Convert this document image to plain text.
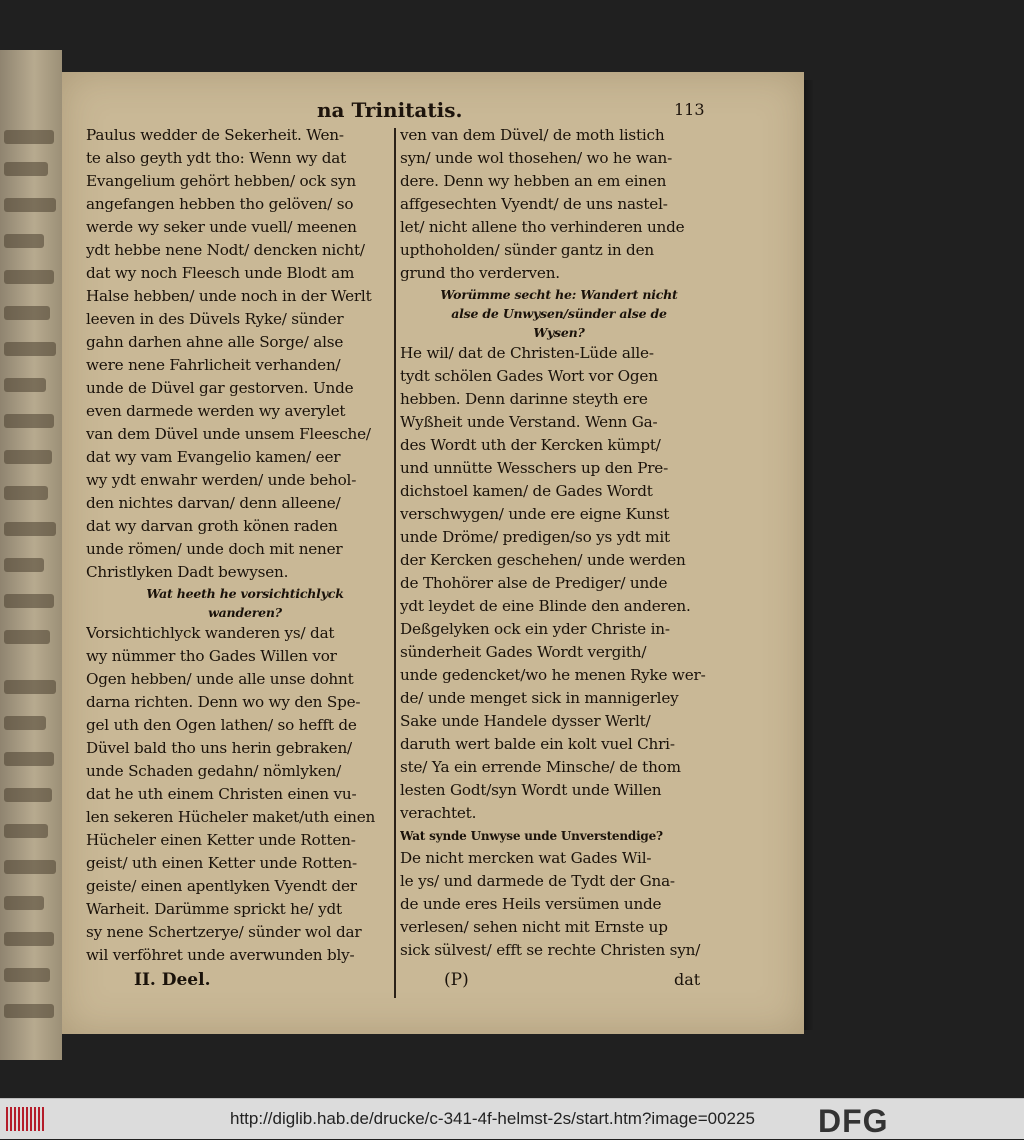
na Trinitatis.	113
Paulus wedder de Sekerheit. Wen-
te also geyth ydt tho: Wenn wy dat
Evangelium gehört hebben/ ock syn
angefangen hebben tho gelöven/ so
werde wy seker unde vuell/ meenen
ydt hebbe nene Nodt/ dencken nicht/
dat wy noch Fleesch unde Blodt am
Halse hebben/ unde noch in der Werlt
leeven in des Düvels Ryke/ sünder
gahn darhen ahne alle Sorge/ alse
were nene Fahrlicheit verhanden/
unde de Düvel gar gestorven. Unde
even darmede werden wy averylet
van dem Düvel unde unsem Fleesche/
dat wy vam Evangelio kamen/ eer
wy ydt enwahr werden/ unde behol-
den nichtes darvan/ denn alleene/
dat wy darvan groth könen raden
unde römen/ unde doch mit nener
Christlyken Dadt bewysen.
Wat heeth he vorsichtichlyck
wanderen?
Vorsichtichlyck wanderen ys/ dat
wy nümmer tho Gades Willen vor
Ogen hebben/ unde alle unse dohnt
darna richten. Denn wo wy den Spe-
gel uth den Ogen lathen/ so hefft de
Düvel bald tho uns herin gebraken/
unde Schaden gedahn/ nömlyken/
dat he uth einem Christen einen vu-
len sekeren Hücheler maket/uth einen
Hücheler einen Ketter unde Rotten-
geist/ uth einen Ketter unde Rotten-
geiste/ einen apentlyken Vyendt der
Warheit. Darümme sprickt he/ ydt
sy nene Schertzerye/ sünder wol dar
wil verföhret unde averwunden bly-
ven van dem Düvel/ de moth listich
syn/ unde wol thosehen/ wo he wan-
dere. Denn wy hebben an em einen
affgesechten Vyendt/ de uns nastel-
let/ nicht allene tho verhinderen unde
upthoholden/ sünder gantz in den
grund tho verderven.
Worümme secht he: Wandert nicht
alse de Unwysen/sünder alse de
Wysen?
He wil/ dat de Christen-Lüde alle-
tydt schölen Gades Wort vor Ogen
hebben. Denn darinne steyth ere
Wyßheit unde Verstand. Wenn Ga-
des Wordt uth der Kercken kümpt/
und unnütte Wesschers up den Pre-
dichstoel kamen/ de Gades Wordt
verschwygen/ unde ere eigne Kunst
unde Dröme/ predigen/so ys ydt mit
der Kercken geschehen/ unde werden
de Thohörer alse de Prediger/ unde
ydt leydet de eine Blinde den anderen.
Deßgelyken ock ein yder Christe in-
sünderheit Gades Wordt vergith/
unde gedencket/wo he menen Ryke wer-
de/ unde menget sick in mannigerley
Sake unde Handele dysser Werlt/
daruth wert balde ein kolt vuel Chri-
ste/ Ya ein errende Minsche/ de thom
lesten Godt/syn Wordt unde Willen
verachtet.
Wat synde Unwyse unde Unverstendige?
De nicht mercken wat Gades Wil-
le ys/ und darmede de Tydt der Gna-
de unde eres Heils versümen unde
verlesen/ sehen nicht mit Ernste up
sick sülvest/ efft se rechte Christen syn/
II. Deel.	(P)	dat
http://diglib.hab.de/drucke/c-341-4f-helmst-2s/start.htm?image=00225 DFG
